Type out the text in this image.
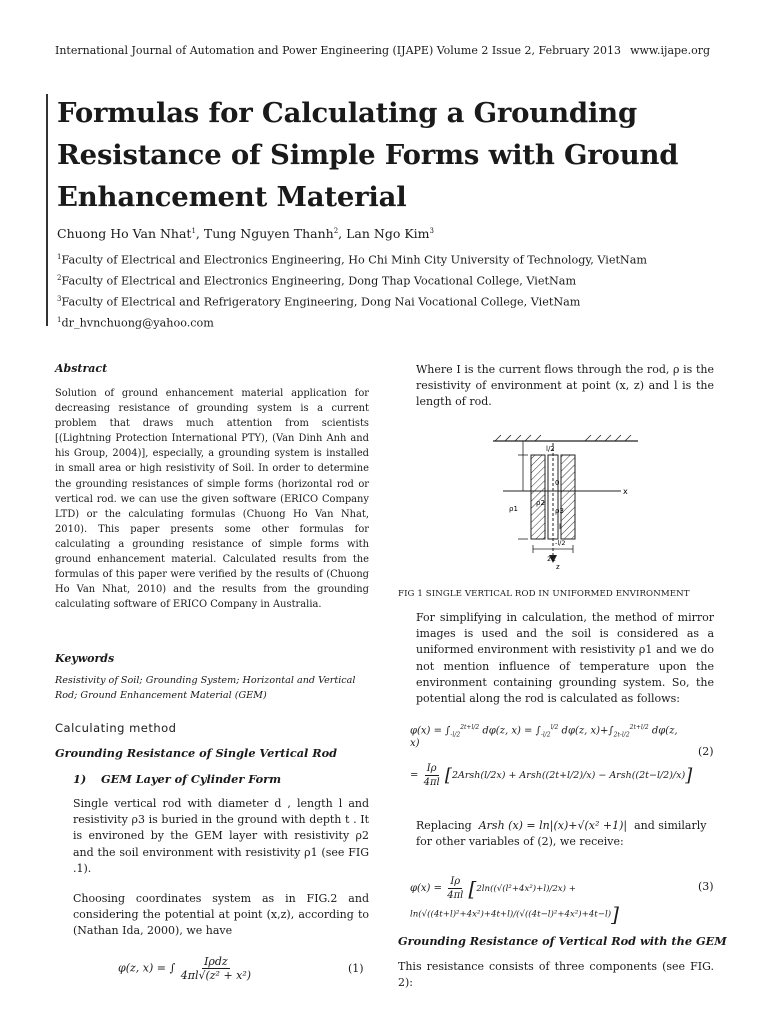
International Journal of Automation and Power Engineering (IJAPE) Volume 2 Issue 2, February 2013 www.ijape.org
Formulas for Calculating a Grounding Resistance of Simple Forms with Ground Enhancement Material
Chuong Ho Van Nhat$^1$, Tung Nguyen Thanh$^2$, Lan Ngo Kim$^3$
$^1$Faculty of Electrical and Electronics Engineering, Ho Chi Minh City University of Technology, VietNam
$^2$Faculty of Electrical and Electronics Engineering, Dong Thap Vocational College, VietNam
$^3$Faculty of Electrical and Refrigeratory Engineering, Dong Nai Vocational College, VietNam
$^1$dr_hvnchuong@yahoo.com
Abstract
Solution of ground enhancement material application for decreasing resistance of grounding system is a current problem that draws much attention from scientists [(Lightning Protection International PTY), (Van Dinh Anh and his Group, 2004)], especially, a grounding system is installed in small area or high resistivity of Soil. In order to determine the grounding resistances of simple forms (horizontal rod or vertical rod. we can use the given software (ERICO Company LTD) or the calculating formulas (Chuong Ho Van Nhat, 2010). This paper presents some other formulas for calculating a grounding resistance of simple forms with ground enhancement material. Calculated results from the formulas of this paper were verified by the results of (Chuong Ho Van Nhat, 2010) and the results from the grounding calculating software of ERICO Company in Australia.
Keywords
Resistivity of Soil; Grounding System; Horizontal and Vertical Rod; Ground Enhancement Material (GEM)
Calculating method
Grounding Resistance of Single Vertical Rod
1) GEM Layer of Cylinder Form
Single vertical rod with diameter d , length l and resistivity ρ3 is buried in the ground with depth t . It is environed by the GEM layer with resistivity ρ2 and the soil environment with resistivity ρ1 (see FIG .1).
Choosing coordinates system as in FIG.2 and considering the potential at point (x,z), according to (Nathan Ida, 2000), we have
φ(z, x) = ∫ $\frac{\text{Iρdz}}{\text{4πl√(z² + x²)}}$	(1)
Where I is the current flows through the rod, ρ is the resistivity of environment at point (x, z) and l is the length of rod.
l/2
x
ρ1
ρ2
ρ3
0
l
-l/2
2C
z
FIG 1 SINGLE VERTICAL ROD IN UNIFORMED ENVIRONMENT
For simplifying in calculation, the method of mirror images is used and the soil is considered as a uniformed environment with resistivity ρ1 and we do not mention influence of temperature upon the environment containing grounding system. So, the potential along the rod is calculated as follows:
$\varphi(x) = \int_{-l/2}^{2t+l/2}$ dφ(z, $x) = \int_{-l/2}^{l/2}$ dφ(z, $x)+\int_{2t-l/2}^{2t+l/2}$ dφ(z, x)
= $\frac{I\rho}{4\pi l}$ [2Arsh(l/2x) + Arsh((2t+l/2)/x) − Arsh((2t−l/2)/x)]
(2)
Replacing Arsh (x) = ln|(x)+√(x² +1)| and similarly
for other variables of (2), we receive:
$\varphi(x) = \frac{I\rho}{4\pi l} [2\ln((√(l^2+4x^2)+l)/2x) + \ln(√((4t+l)^2+4x^2)+4t+l)/(√((4t-l)^2+4x^2)+4t-l)]$
(3)
Grounding Resistance of Vertical Rod with the GEM
This resistance consists of three components (see FIG. 2):
